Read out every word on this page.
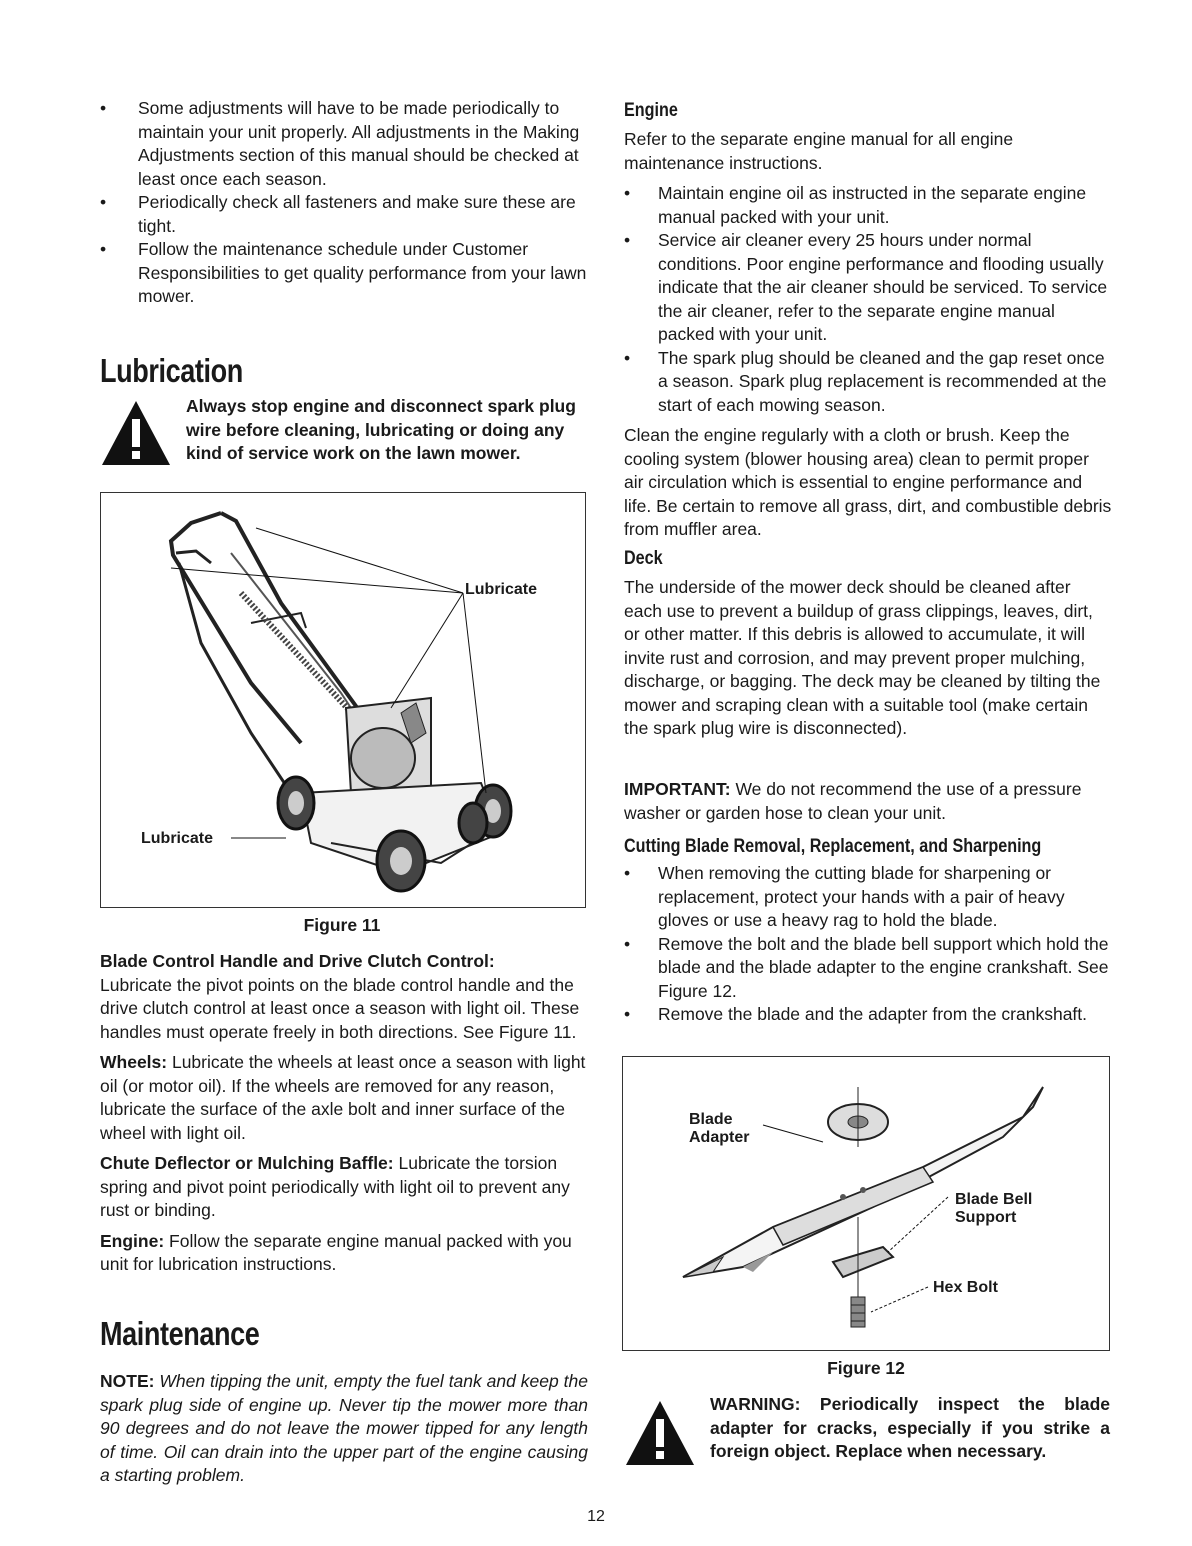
• Some adjustments will have to be made periodically to maintain your unit properly. All adjustments in the Making Adjustments section of this manual should be checked at least once each season.
• Periodically check all fasteners and make sure these are tight.
• Follow the maintenance schedule under Customer Responsibilities to get quality performance from your lawn mower.
Lubrication
Always stop engine and disconnect spark plug wire before cleaning, lubricating or doing any kind of service work on the lawn mower.
Lubricate
Lubricate
Figure 11

Blade Control Handle and Drive Clutch Control:
Lubricate the pivot points on the blade control handle and the drive clutch control at least once a season with light oil. These handles must operate freely in both directions. See Figure 11.

Wheels: Lubricate the wheels at least once a season with light oil (or motor oil). If the wheels are removed for any reason, lubricate the surface of the axle bolt and inner surface of the wheel with light oil.

Chute Deflector or Mulching Baffle: Lubricate the torsion spring and pivot point periodically with light oil to prevent any rust or binding.

Engine: Follow the separate engine manual packed with you unit for lubrication instructions.

Maintenance

NOTE: When tipping the unit, empty the fuel tank and keep the spark plug side of engine up. Never tip the mower more than 90 degrees and do not leave the mower tipped for any length of time. Oil can drain into the upper part of the engine causing a starting problem.

Engine

Refer to the separate engine manual for all engine maintenance instructions.

• Maintain engine oil as instructed in the separate engine manual packed with your unit.
• Service air cleaner every 25 hours under normal conditions. Poor engine performance and flooding usually indicate that the air cleaner should be serviced. To service the air cleaner, refer to the separate engine manual packed with your unit.
• The spark plug should be cleaned and the gap reset once a season. Spark plug replacement is recommended at the start of each mowing season.

Clean the engine regularly with a cloth or brush. Keep the cooling system (blower housing area) clean to permit proper air circulation which is essential to engine performance and life. Be certain to remove all grass, dirt, and combustible debris from muffler area.

Deck

The underside of the mower deck should be cleaned after each use to prevent a buildup of grass clippings, leaves, dirt, or other matter. If this debris is allowed to accumulate, it will invite rust and corrosion, and may prevent proper mulching, discharge, or bagging. The deck may be cleaned by tilting the mower and scraping clean with a suitable tool (make certain the spark plug wire is disconnected).

IMPORTANT: We do not recommend the use of a pressure washer or garden hose to clean your unit.

Cutting Blade Removal, Replacement, and Sharpening
• When removing the cutting blade for sharpening or replacement, protect your hands with a pair of heavy gloves or use a heavy rag to hold the blade.
• Remove the bolt and the blade bell support which hold the blade and the blade adapter to the engine crankshaft. See Figure 12.
• Remove the blade and the adapter from the crankshaft.
Blade
Adapter
Blade Bell
Support
Hex Bolt
Figure 12
WARNING: Periodically inspect the blade adapter for cracks, especially if you strike a foreign object. Replace when necessary.
12
